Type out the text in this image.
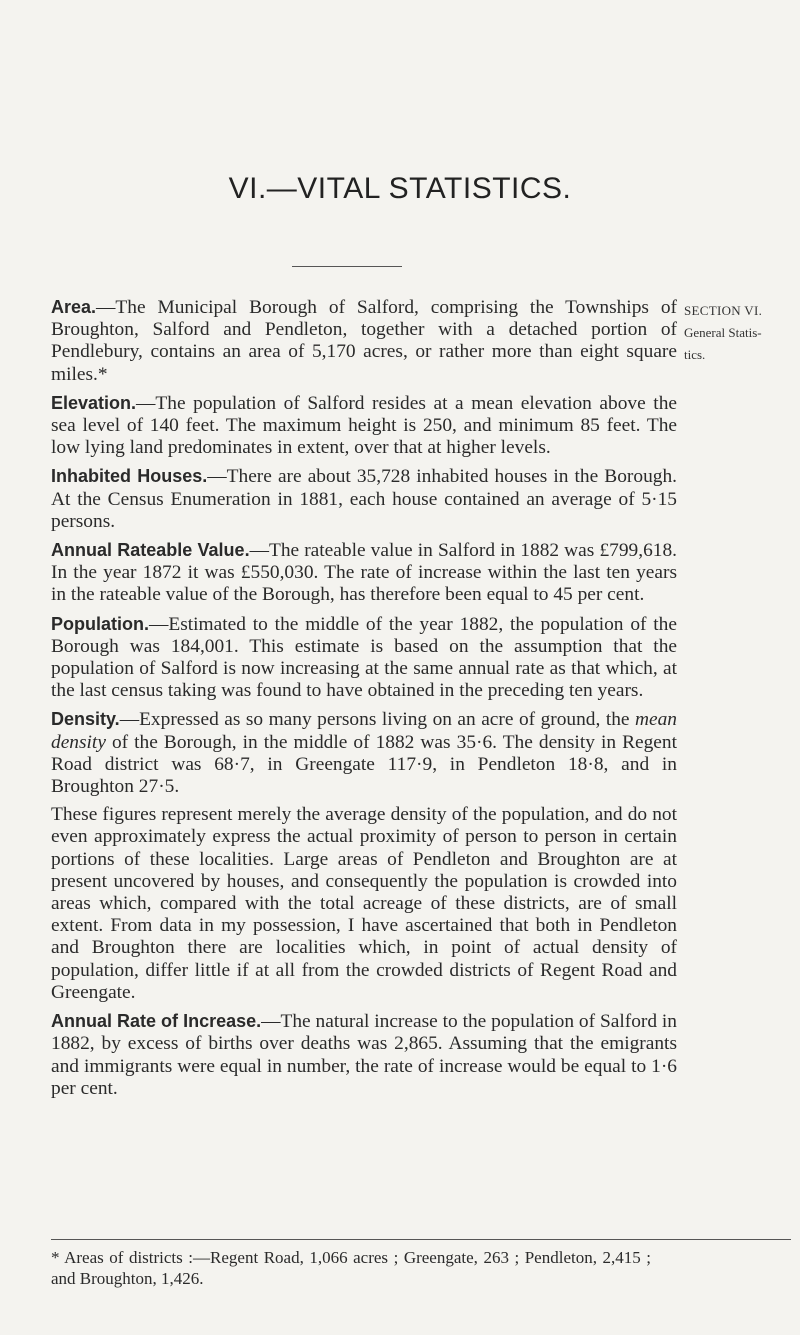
VI.—VITAL STATISTICS.
SECTION VI.
General Statis-
tics.

Area.—The Municipal Borough of Salford, comprising the Townships of Broughton, Salford and Pendleton, together with a detached portion of Pendlebury, contains an area of 5,170 acres, or rather more than eight square miles.*

Elevation.—The population of Salford resides at a mean elevation above the sea level of 140 feet. The maximum height is 250, and minimum 85 feet. The low lying land predominates in extent, over that at higher levels.

Inhabited Houses.—There are about 35,728 inhabited houses in the Borough. At the Census Enumeration in 1881, each house contained an average of 5·15 persons.

Annual Rateable Value.—The rateable value in Salford in 1882 was £799,618. In the year 1872 it was £550,030. The rate of increase within the last ten years in the rateable value of the Borough, has therefore been equal to 45 per cent.

Population.—Estimated to the middle of the year 1882, the population of the Borough was 184,001. This estimate is based on the assumption that the population of Salford is now increasing at the same annual rate as that which, at the last census taking was found to have obtained in the preceding ten years.

Density.—Expressed as so many persons living on an acre of ground, the mean density of the Borough, in the middle of 1882 was 35·6. The density in Regent Road district was 68·7, in Greengate 117·9, in Pendleton 18·8, and in Broughton 27·5.

These figures represent merely the average density of the population, and do not even approximately express the actual proximity of person to person in certain portions of these localities. Large areas of Pendleton and Broughton are at present uncovered by houses, and consequently the population is crowded into areas which, compared with the total acreage of these districts, are of small extent. From data in my possession, I have ascertained that both in Pendleton and Broughton there are localities which, in point of actual density of population, differ little if at all from the crowded districts of Regent Road and Greengate.

Annual Rate of Increase.—The natural increase to the population of Salford in 1882, by excess of births over deaths was 2,865. Assuming that the emigrants and immigrants were equal in number, the rate of increase would be equal to 1·6 per cent.

* Areas of districts :—Regent Road, 1,066 acres ; Greengate, 263 ; Pendleton, 2,415 ; and Broughton, 1,426.
